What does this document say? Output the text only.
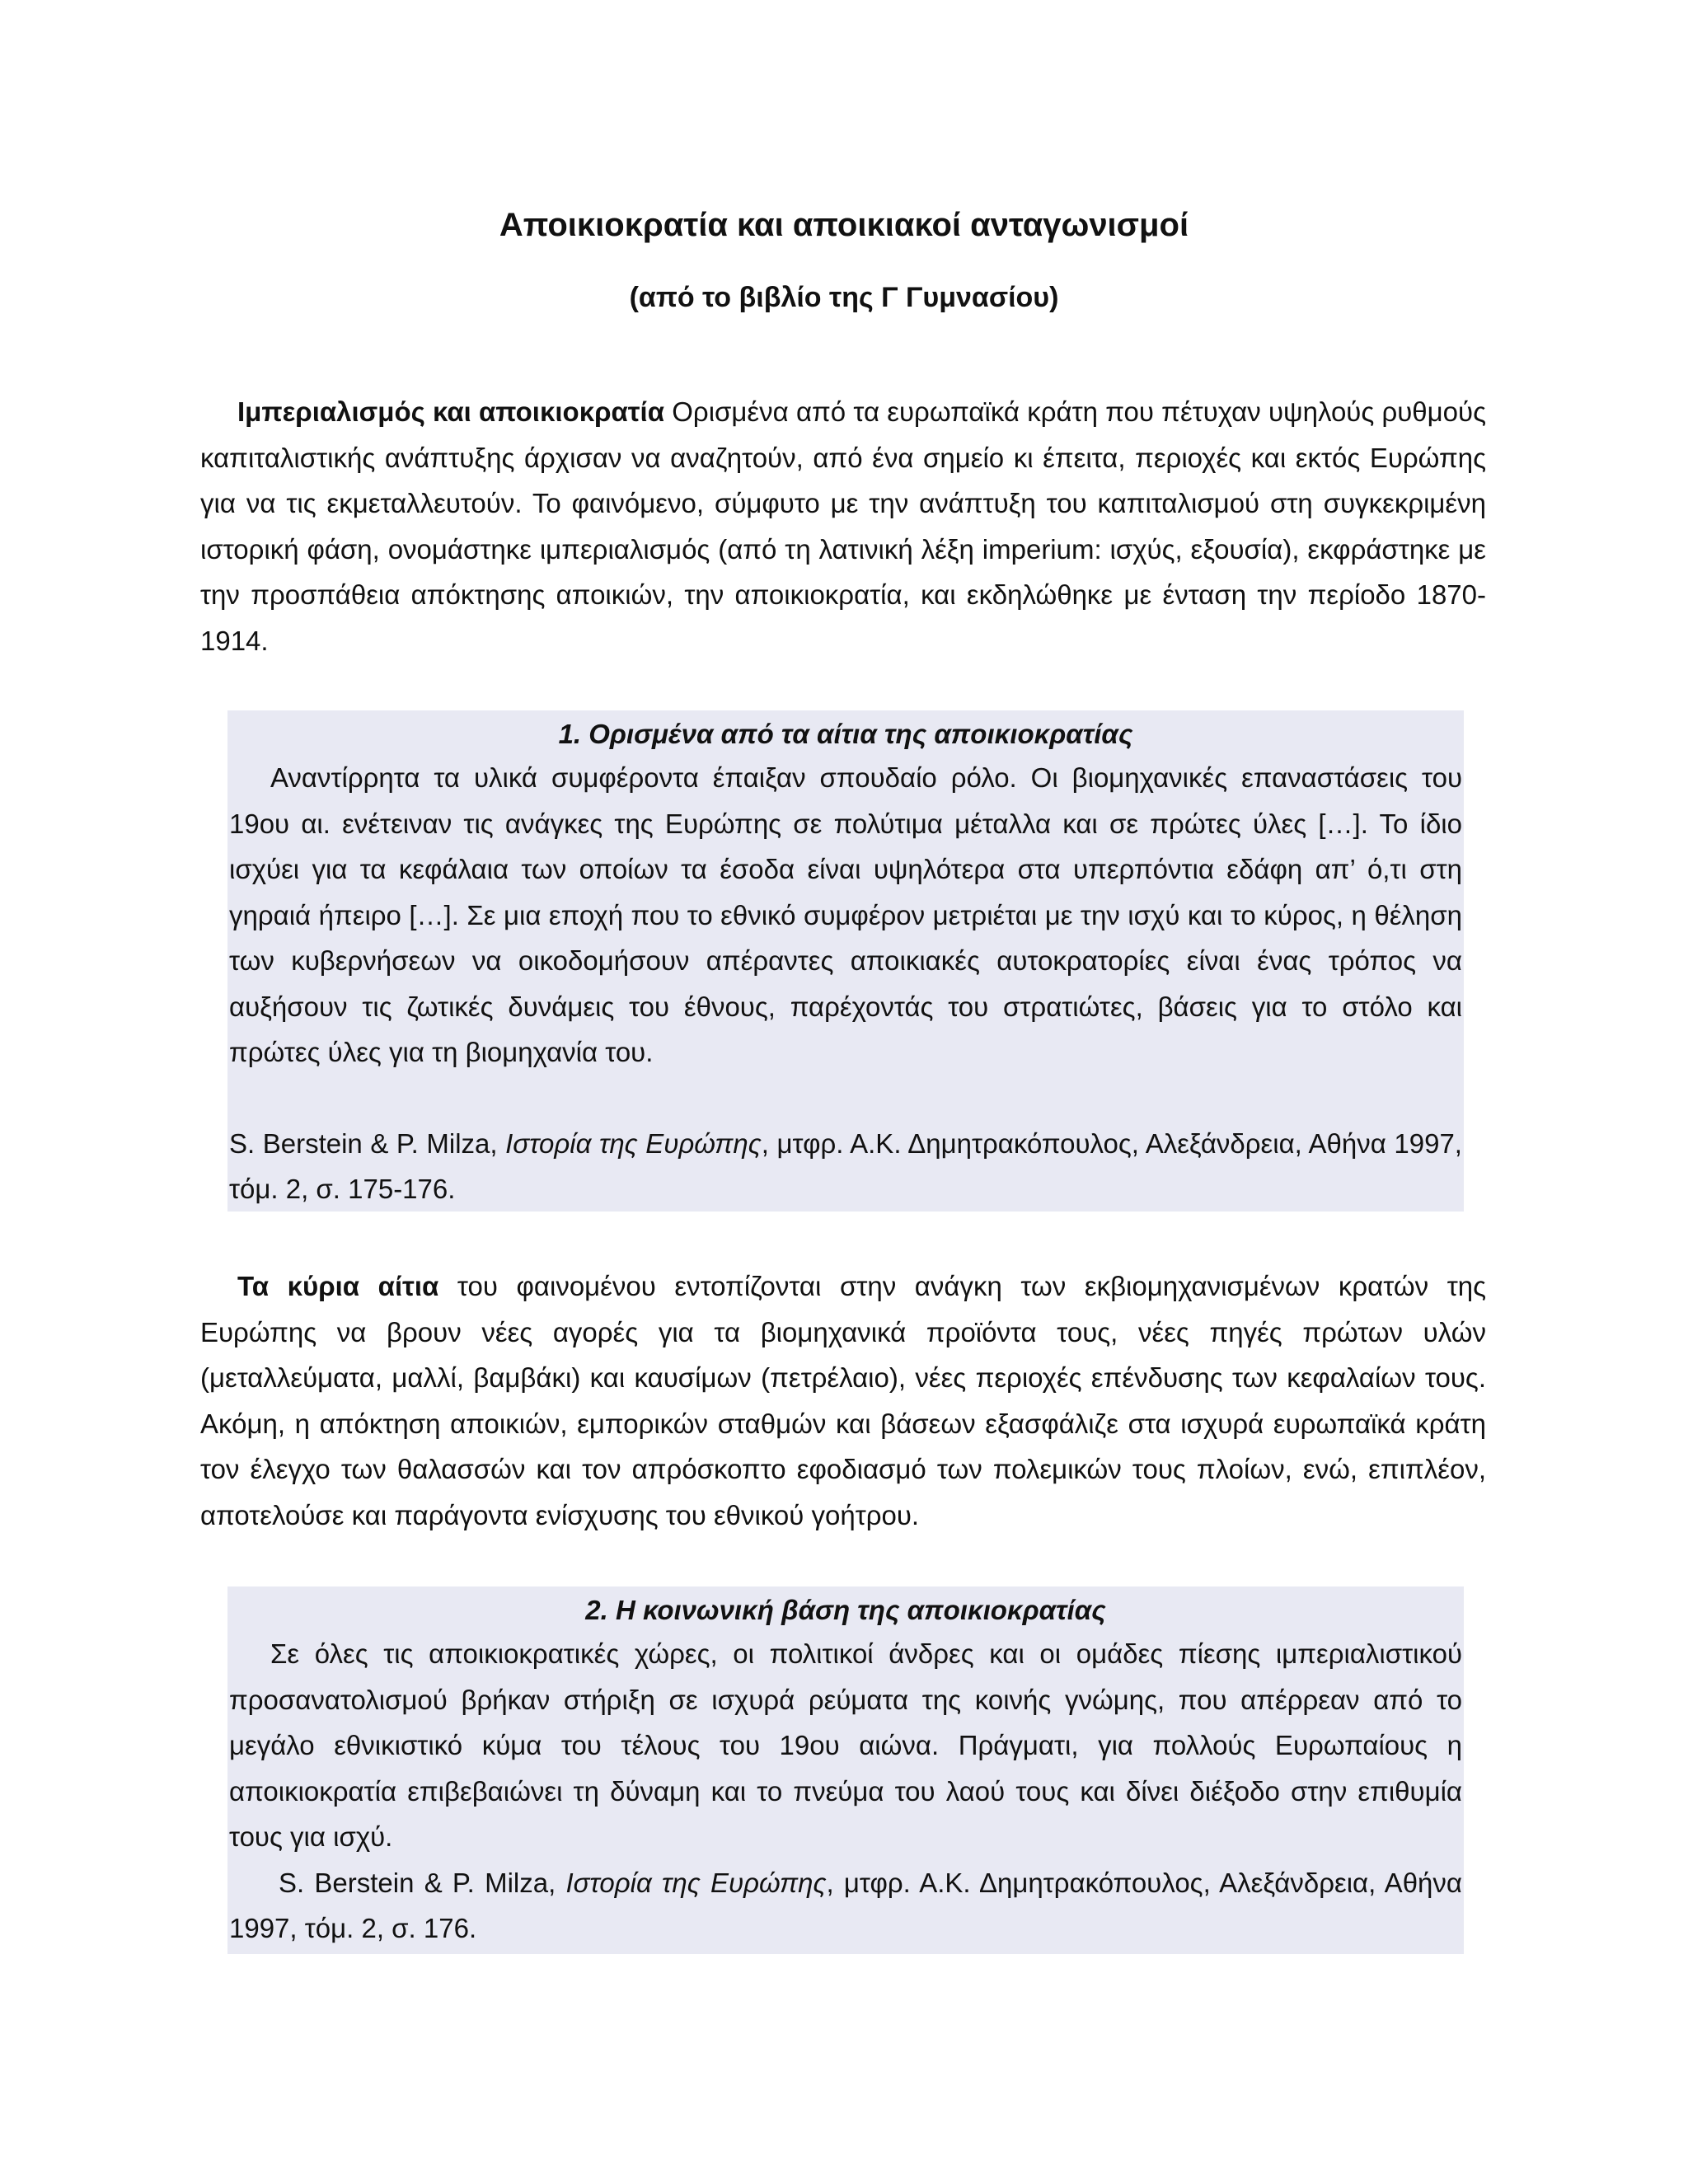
Αποικιοκρατία και αποικιακοί ανταγωνισμοί
(από το βιβλίο της Γ Γυμνασίου)

Ιμπεριαλισμός και αποικιοκρατία Ορισμένα από τα ευρωπαϊκά κράτη που πέτυχαν υψηλούς ρυθμούς καπιταλιστικής ανάπτυξης άρχισαν να αναζητούν, από ένα σημείο κι έπειτα, περιοχές και εκτός Ευρώπης για να τις εκμεταλλευτούν. Το φαινόμενο, σύμφυτο με την ανάπτυξη του καπιταλισμού στη συγκεκριμένη ιστορική φάση, ονομάστηκε ιμπεριαλισμός (από τη λατινική λέξη imperium: ισχύς, εξουσία), εκφράστηκε με την προσπάθεια απόκτησης αποικιών, την αποικιοκρατία, και εκδηλώθηκε με ένταση την περίοδο 1870-1914.

1. Ορισμένα από τα αίτια της αποικιοκρατίας

Αναντίρρητα τα υλικά συμφέροντα έπαιξαν σπουδαίο ρόλο. Οι βιομηχανικές επαναστάσεις του 19ου αι. ενέτειναν τις ανάγκες της Ευρώπης σε πολύτιμα μέταλλα και σε πρώτες ύλες […]. Το ίδιο ισχύει για τα κεφάλαια των οποίων τα έσοδα είναι υψηλότερα στα υπερπόντια εδάφη απ’ ό,τι στη γηραιά ήπειρο […]. Σε μια εποχή που το εθνικό συμφέρον μετριέται με την ισχύ και το κύρος, η θέληση των κυβερνήσεων να οικοδομήσουν απέραντες αποικιακές αυτοκρατορίες είναι ένας τρόπος να αυξήσουν τις ζωτικές δυνάμεις του έθνους, παρέχοντάς του στρατιώτες, βάσεις για το στόλο και πρώτες ύλες για τη βιομηχανία του.

S. Berstein & P. Milza, Ιστορία της Ευρώπης, μτφρ. Α.Κ. Δημητρακόπουλος, Αλεξάνδρεια, Αθήνα 1997, τόμ. 2, σ. 175-176.

Τα κύρια αίτια του φαινομένου εντοπίζονται στην ανάγκη των εκβιομηχανισμένων κρατών της Ευρώπης να βρουν νέες αγορές για τα βιομηχανικά προϊόντα τους, νέες πηγές πρώτων υλών (μεταλλεύματα, μαλλί, βαμβάκι) και καυσίμων (πετρέλαιο), νέες περιοχές επένδυσης των κεφαλαίων τους. Ακόμη, η απόκτηση αποικιών, εμπορικών σταθμών και βάσεων εξασφάλιζε στα ισχυρά ευρωπαϊκά κράτη τον έλεγχο των θαλασσών και τον απρόσκοπτο εφοδιασμό των πολεμικών τους πλοίων, ενώ, επιπλέον, αποτελούσε και παράγοντα ενίσχυσης του εθνικού γοήτρου.

2. Η κοινωνική βάση της αποικιοκρατίας

Σε όλες τις αποικιοκρατικές χώρες, οι πολιτικοί άνδρες και οι ομάδες πίεσης ιμπεριαλιστικού προσανατολισμού βρήκαν στήριξη σε ισχυρά ρεύματα της κοινής γνώμης, που απέρρεαν από το μεγάλο εθνικιστικό κύμα του τέλους του 19ου αιώνα. Πράγματι, για πολλούς Ευρωπαίους η αποικιοκρατία επιβεβαιώνει τη δύναμη και το πνεύμα του λαού τους και δίνει διέξοδο στην επιθυμία τους για ισχύ.

S. Berstein & P. Milza, Ιστορία της Ευρώπης, μτφρ. Α.Κ. Δημητρακόπουλος, Αλεξάνδρεια, Αθήνα 1997, τόμ. 2, σ. 176.
